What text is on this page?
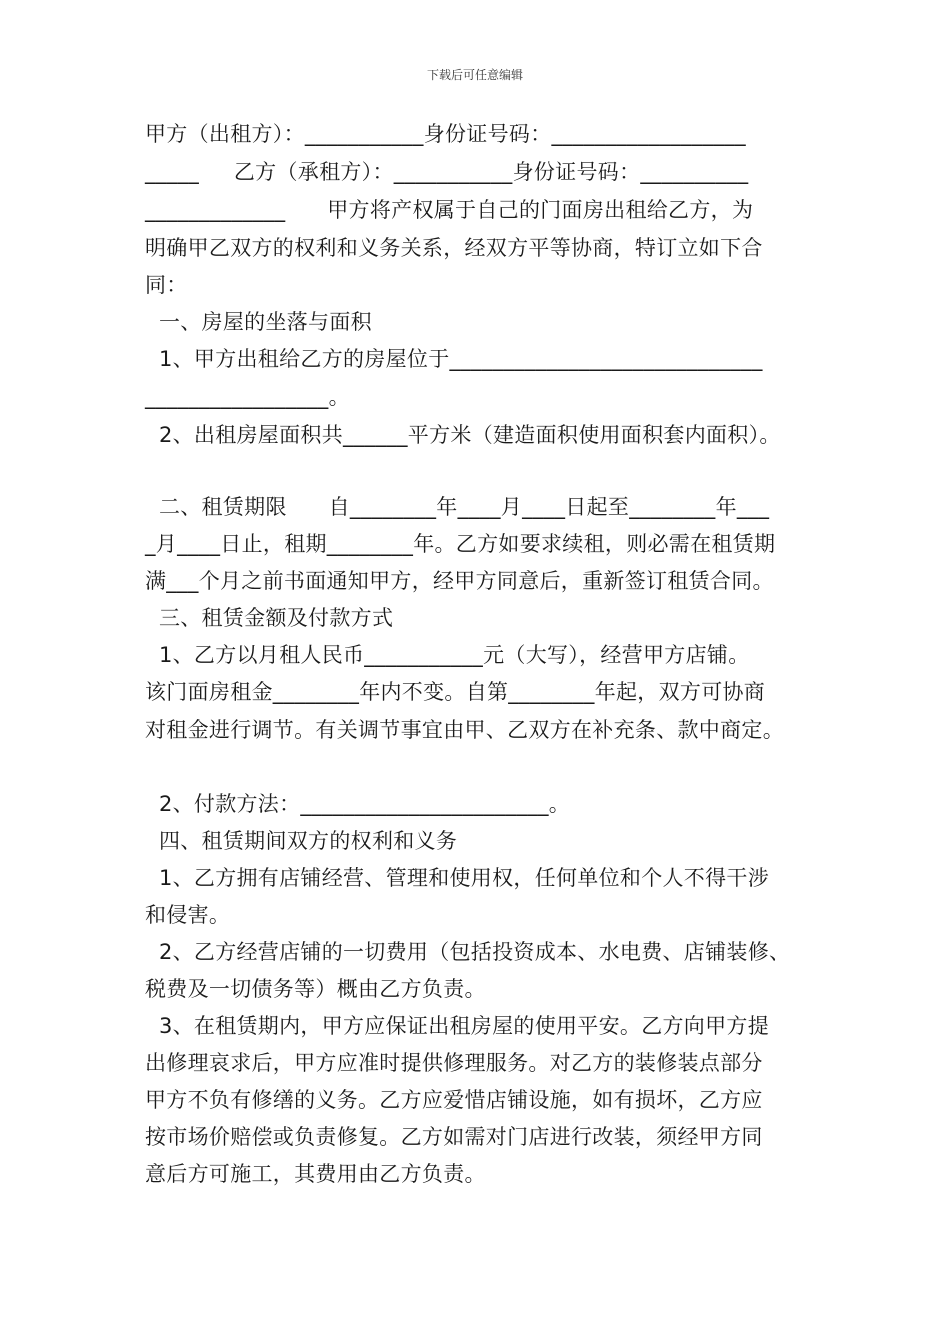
下载后可任意编辑
甲方（出租方）：___________身份证号码：__________________
_____     乙方（承租方）：___________身份证号码：__________
_____________      甲方将产权属于自己的门面房出租给乙方，为
明确甲乙双方的权利和义务关系，经双方平等协商，特订立如下合
同：
一、房屋的坐落与面积
1、甲方出租给乙方的房屋位于_____________________________
_________________。
2、出租房屋面积共______平方米（建造面积使用面积套内面积）。
二、租赁期限      自________年____月____日起至________年___
_月____日止，租期________年。乙方如要求续租，则必需在租赁期
满___个月之前书面通知甲方，经甲方同意后，重新签订租赁合同。
三、租赁金额及付款方式
1、乙方以月租人民币___________元（大写），经营甲方店铺。
该门面房租金________年内不变。自第________年起，双方可协商
对租金进行调节。有关调节事宜由甲、乙双方在补充条、款中商定。
2、付款方法：_______________________。
四、租赁期间双方的权利和义务
1、乙方拥有店铺经营、管理和使用权，任何单位和个人不得干涉
和侵害。
2、乙方经营店铺的一切费用（包括投资成本、水电费、店铺装修、
税费及一切债务等）概由乙方负责。
3、在租赁期内，甲方应保证出租房屋的使用平安。乙方向甲方提
出修理哀求后，甲方应准时提供修理服务。对乙方的装修装点部分
甲方不负有修缮的义务。乙方应爱惜店铺设施，如有损坏，乙方应
按市场价赔偿或负责修复。乙方如需对门店进行改装，须经甲方同
意后方可施工，其费用由乙方负责。
